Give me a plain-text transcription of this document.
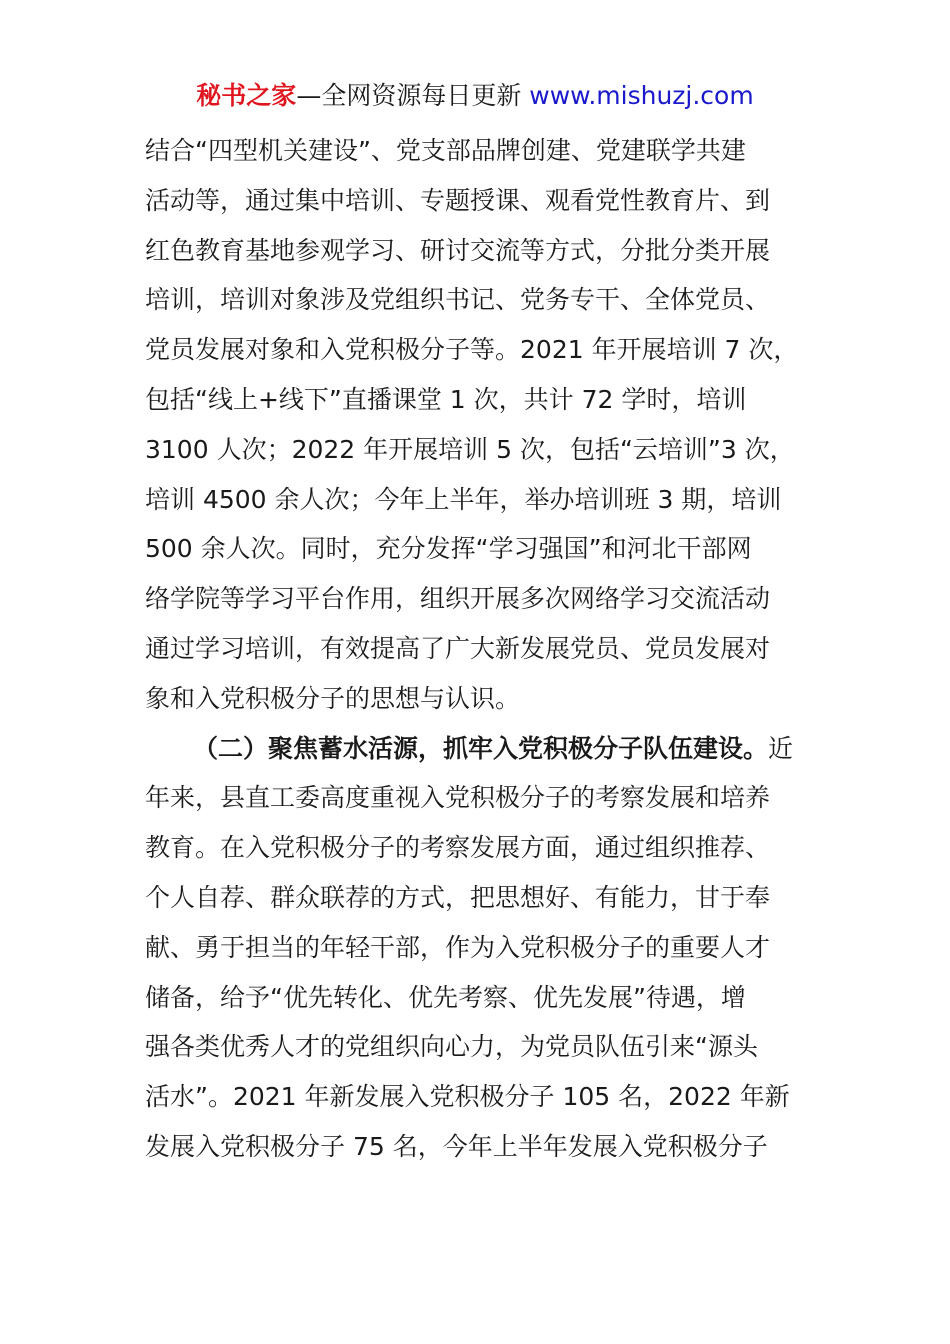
秘书之家—全网资源每日更新 www.mishuzj.com
结合“四型机关建设”、党支部品牌创建、党建联学共建
活动等，通过集中培训、专题授课、观看党性教育片、到
红色教育基地参观学习、研讨交流等方式，分批分类开展
培训，培训对象涉及党组织书记、党务专干、全体党员、
党员发展对象和入党积极分子等。2021 年开展培训 7 次，
包括“线上+线下”直播课堂 1 次，共计 72 学时，培训
3100 人次；2022 年开展培训 5 次，包括“云培训”3 次，
培训 4500 余人次；今年上半年，举办培训班 3 期，培训
500 余人次。同时，充分发挥“学习强国”和河北干部网
络学院等学习平台作用，组织开展多次网络学习交流活动
通过学习培训，有效提高了广大新发展党员、党员发展对
象和入党积极分子的思想与认识。
（二）聚焦蓄水活源，抓牢入党积极分子队伍建设。近
年来，县直工委高度重视入党积极分子的考察发展和培养
教育。在入党积极分子的考察发展方面，通过组织推荐、
个人自荐、群众联荐的方式，把思想好、有能力，甘于奉
献、勇于担当的年轻干部，作为入党积极分子的重要人才
储备，给予“优先转化、优先考察、优先发展”待遇，增
强各类优秀人才的党组织向心力，为党员队伍引来“源头
活水”。2021 年新发展入党积极分子 105 名，2022 年新
发展入党积极分子 75 名，今年上半年发展入党积极分子
